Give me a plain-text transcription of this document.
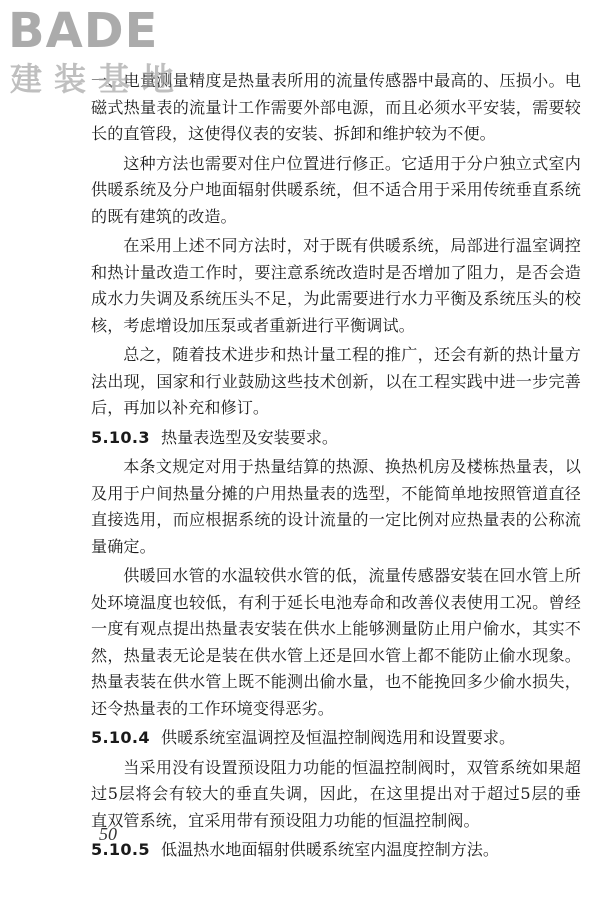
BADE
建装基地

一、电量测量精度是热量表所用的流量传感器中最高的、压损小。电磁式热量表的流量计工作需要外部电源，而且必须水平安装，需要较长的直管段，这使得仪表的安装、拆卸和维护较为不便。

这种方法也需要对住户位置进行修正。它适用于分户独立式室内供暖系统及分户地面辐射供暖系统，但不适合用于采用传统垂直系统的既有建筑的改造。

在采用上述不同方法时，对于既有供暖系统，局部进行温室调控和热计量改造工作时，要注意系统改造时是否增加了阻力，是否会造成水力失调及系统压头不足，为此需要进行水力平衡及系统压头的校核，考虑增设加压泵或者重新进行平衡调试。

总之，随着技术进步和热计量工程的推广，还会有新的热计量方法出现，国家和行业鼓励这些技术创新，以在工程实践中进一步完善后，再加以补充和修订。

5.10.3 热量表选型及安装要求。

本条文规定对用于热量结算的热源、换热机房及楼栋热量表，以及用于户间热量分摊的户用热量表的选型，不能简单地按照管道直径直接选用，而应根据系统的设计流量的一定比例对应热量表的公称流量确定。

供暖回水管的水温较供水管的低，流量传感器安装在回水管上所处环境温度也较低，有利于延长电池寿命和改善仪表使用工况。曾经一度有观点提出热量表安装在供水上能够测量防止用户偷水，其实不然，热量表无论是装在供水管上还是回水管上都不能防止偷水现象。热量表装在供水管上既不能测出偷水量，也不能挽回多少偷水损失，还令热量表的工作环境变得恶劣。

5.10.4 供暖系统室温调控及恒温控制阀选用和设置要求。

当采用没有设置预设阻力功能的恒温控制阀时，双管系统如果超过5层将会有较大的垂直失调，因此，在这里提出对于超过5层的垂直双管系统，宜采用带有预设阻力功能的恒温控制阀。

5.10.5 低温热水地面辐射供暖系统室内温度控制方法。
50
